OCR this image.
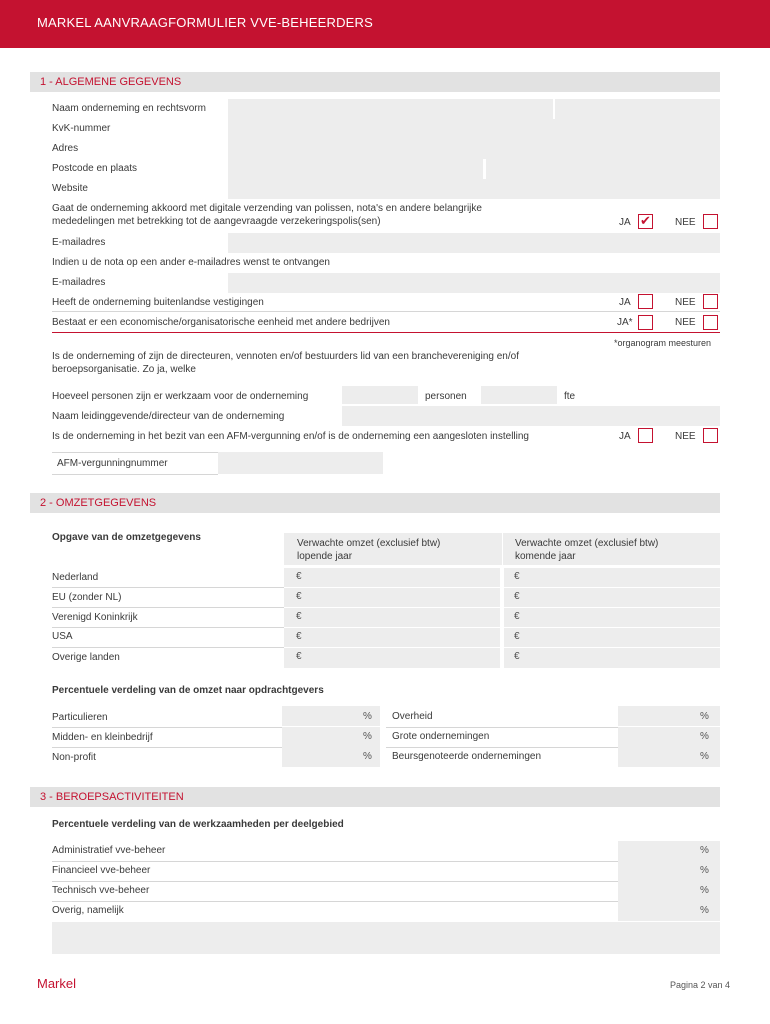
MARKEL AANVRAAGFORMULIER VVE-BEHEERDERS
1 - ALGEMENE GEGEVENS
Naam onderneming en rechtsvorm
KvK-nummer
Adres
Postcode en plaats
Website
Gaat de onderneming akkoord met digitale verzending van polissen, nota's en andere belangrijke
mededelingen met betrekking tot de aangevraagde verzekeringspolis(sen)	JA ✔ NEE
E-mailadres
Indien u de nota op een ander e-mailadres wenst te ontvangen
E-mailadres
Heeft de onderneming buitenlandse vestigingen	JA	NEE
Bestaat er een economische/organisatorische eenheid met andere bedrijven	JA*	NEE
*organogram meesturen
Is de onderneming of zijn de directeuren, vennoten en/of bestuurders lid van een branchevereniging en/of
beroepsorganisatie. Zo ja, welke
Hoeveel personen zijn er werkzaam voor de onderneming	personen	fte
Naam leidinggevende/directeur van de onderneming
Is de onderneming in het bezit van een AFM-vergunning en/of is de onderneming een aangesloten instelling	JA	NEE
AFM-vergunningnummer
2 - OMZETGEGEVENS
Opgave van de omzetgegevens
Verwachte omzet (exclusief btw)
lopende jaar
Verwachte omzet (exclusief btw)
komende jaar
Nederland	€	€
EU (zonder NL)	€	€
Verenigd Koninkrijk	€	€
USA	€	€
Overige landen	€	€
Percentuele verdeling van de omzet naar opdrachtgevers
Particulieren	% Overheid	%
Midden- en kleinbedrijf	% Grote ondernemingen	%
Non-profit	% Beursgenoteerde ondernemingen	%
3 - BEROEPSACTIVITEITEN
Percentuele verdeling van de werkzaamheden per deelgebied
Administratief vve-beheer	%
Financieel vve-beheer	%
Technisch vve-beheer	%
Overig, namelijk	%
Markel	Pagina 2 van 4
